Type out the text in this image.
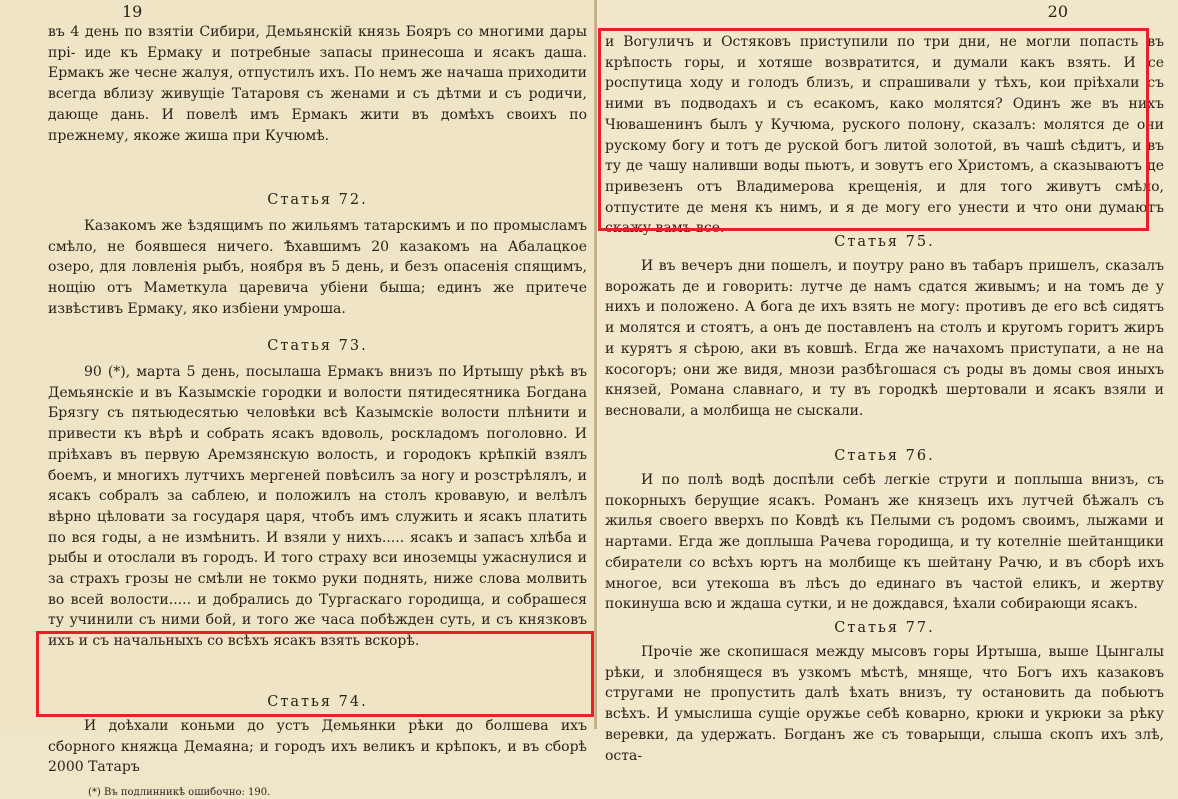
19

въ 4 день по взятіи Сибири, Демьянскій князь Бояръ со многими дары прі- иде къ Ермаку и потребные запасы принесоша и ясакъ даша. Ермакъ же чесне жалуя, отпустилъ ихъ. По немъ же начаша приходити всегда вблизу живущіе Татаровя съ женами и съ дѣтми и съ родичи, дающе дань. И повелѣ имъ Ермакъ жити въ домѣхъ своихъ по прежнему, якоже жиша при Кучюмѣ.

Статья 72.

Казакомъ же ѣздящимъ по жильямъ татарскимъ и по промысламъ смѣло, не боявшеся ничего. Ѣхавшимъ 20 казакомъ на Абалацкое озеро, для ловленія рыбъ, ноября въ 5 день, и безъ опасенія спящимъ, нощію отъ Маметкула царевича убіени быша; единъ же притече извѣстивъ Ермаку, яко избіени умроша.

Статья 73.

90 (*), марта 5 день, посылаша Ермакъ внизъ по Иртышу рѣкѣ въ Демьянскіе и въ Казымскіе городки и волости пятидесятника Богдана Брязгу съ пятьюдесятью человѣки всѣ Казымскіе волости плѣнити и привести къ вѣрѣ и собрать ясакъ вдоволь, роскладомъ поголовно. И пріѣхавъ въ первую Аремзянскую волость, и городокъ крѣпкій взялъ боемъ, и многихъ лутчихъ мергеней повѣсилъ за ногу и розстрѣлялъ, и ясакъ собралъ за саблею, и положилъ на столъ кровавую, и велѣлъ вѣрно цѣловати за государя царя, чтобъ имъ служить и ясакъ платить по вся годы, а не измѣнить. И взяли у нихъ..... ясакъ и запасъ хлѣба и рыбы и отослали въ городъ. И того страху вси иноземцы ужаснулися и за страхъ грозы не смѣли не токмо руки поднять, ниже слова молвить во всей волости..... и добрались до Тургаскаго городища, и собрашеся ту учинили съ ними бой, и того же часа побѣжден суть, и съ князковъ ихъ и съ начальныхъ со всѣхъ ясакъ взять вскорѣ.

Статья 74.

И доѣхали коньми до устъ Демьянки рѣки до болшева ихъ сборного княжца Демаяна; и городъ ихъ великъ и крѣпокъ, и въ сборѣ 2000 Татаръ

(*) Въ подлинникѣ ошибочно: 190.
20

и Вогуличъ и Остяковъ приступили по три дни, не могли попасть въ крѣпость горы, и хотяше возвратится, и думали какъ взять. И се роспутица ходу и голодъ близъ, и спрашивали у тѣхъ, кои пріѣхали съ ними въ подводахъ и съ есакомъ, како молятся? Одинъ же въ нихъ Чювашенинъ былъ у Кучюма, руского полону, сказалъ: молятся де они рускому богу и тотъ де руской богъ литой золотой, въ чашѣ сѣдитъ, и въ ту де чашу наливши воды пьютъ, и зовутъ его Христомъ, а сказываютъ де привезенъ отъ Владимерова крещенія, и для того живутъ смѣло, отпустите де меня къ нимъ, и я де могу его унести и что они думаютъ скажу вамъ все.

Статья 75.

И въ вечеръ дни пошелъ, и поутру рано въ табаръ пришелъ, сказалъ ворожать де и говорить: лутче де намъ сдатся живымъ; и на томъ де у нихъ и положено. А бога де ихъ взять не могу: противъ де его всѣ сидятъ и молятся и стоятъ, а онъ де поставленъ на столъ и кругомъ горитъ жиръ и курятъ я сѣрою, аки въ ковшѣ. Егда же начахомъ приступати, а не на косогоръ; они же видя, мнози разбѣгошася съ роды въ домы своя иныхъ князей, Романа славнаго, и ту въ городкѣ шертовали и ясакъ взяли и весновали, а молбища не сыскали.

Статья 76.

И по полѣ водѣ доспѣли себѣ легкіе струги и поплыша внизъ, съ покорныхъ берущие ясакъ. Романъ же князецъ ихъ лутчей бѣжалъ съ жилья своего вверхъ по Ковдѣ къ Пелыми съ родомъ своимъ, лыжами и нартами. Егда же доплыша Рачева городища, и ту котелніе шейтанщики сбиратели со всѣхъ юртъ на молбище къ шейтану Рачю, и въ сборѣ ихъ многое, вси утекоша въ лѣсъ до единаго въ частой еликъ, и жертву покинуша всю и ждаша сутки, и не дождався, ѣхали собирающи ясакъ.

Статья 77.

Прочіе же скопишася между мысовъ горы Иртыша, выше Цынгалы рѣки, и злобнящеся въ узкомъ мѣстѣ, мняще, что Богъ ихъ казаковъ стругами не пропустить далѣ ѣхать внизъ, ту остановить да побьютъ всѣхъ. И умыслиша сущіе оружье себѣ коварно, крюки и укрюки за рѣку веревки, да удержать. Богданъ же съ товарыщи, слыша скопъ ихъ злѣ, оста-
